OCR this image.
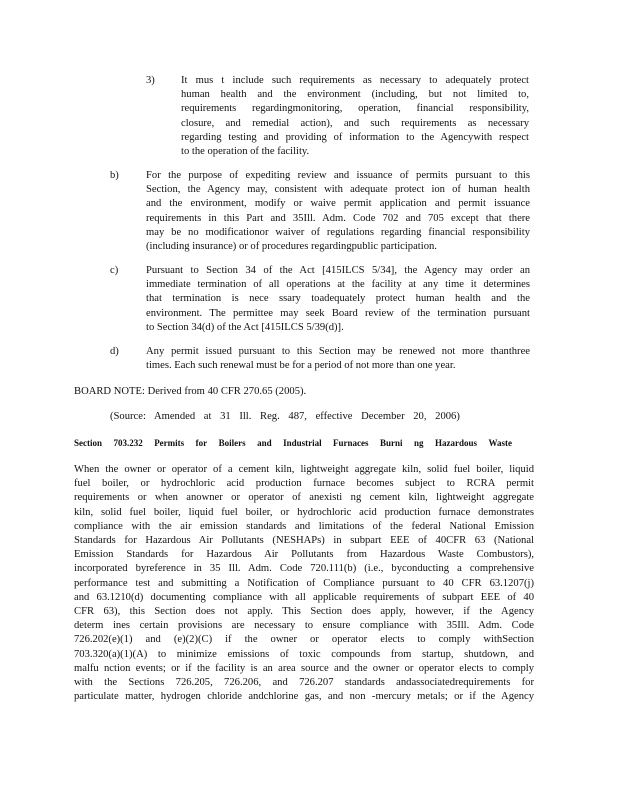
3) It mus t include such requirements as necessary to adequately protect
human health and the environment (including, but not limited to,
requirements regardingmonitoring, operation, financial responsibility,
closure, and remedial action), and such requirements as necessary
regarding testing and providing of information to the Agencywith respect
to the operation of the facility.
b)	For the purpose of expediting review and issuance of permits pursuant to this
Section, the Agency may, consistent with adequate protect ion of human health
and the environment, modify or waive permit application and permit issuance
requirements in this Part and 35Ill. Adm. Code 702 and 705 except that there
may be no modificationor waiver of regulations regarding financial responsibility
(including insurance) or of procedures regardingpublic participation.
c)	Pursuant to Section 34 of the Act [415ILCS 5/34], the Agency may order an
immediate termination of all operations at the facility at any time it determines
that termination is nece ssary toadequately protect human health and the
environment. The permittee may seek Board review of the termination pursuant
to Section 34(d) of the Act [415ILCS 5/39(d)].
d)	Any permit issued pursuant to this Section may be renewed not more thanthree
times. Each such renewal must be for a period of not more than one year.
BOARD NOTE: Derived from 40 CFR 270.65 (2005).
(Source: Amended at 31 Ill. Reg. 487, effective December 20, 2006)
Section 703.232 Permits for Boilers and Industrial Furnaces Burni ng Hazardous Waste
When the owner or operator of a cement kiln, lightweight aggregate kiln, solid fuel boiler, liquid
fuel boiler, or hydrochloric acid production furnace becomes subject to RCRA permit
requirements or when anowner or operator of anexisti ng cement kiln, lightweight aggregate
kiln, solid fuel boiler, liquid fuel boiler, or hydrochloric acid production furnace demonstrates
compliance with the air emission standards and limitations of the federal National Emission
Standards for Hazardous Air Pollutants (NESHAPs) in subpart EEE of 40CFR 63 (National
Emission Standards for Hazardous Air Pollutants from Hazardous Waste Combustors),
incorporated byreference in 35 Ill. Adm. Code 720.111(b) (i.e., byconducting a comprehensive
performance test and submitting a Notification of Compliance pursuant to 40 CFR 63.1207(j)
and 63.1210(d) documenting compliance with all applicable requirements of subpart EEE of 40
CFR 63), this Section does not apply. This Section does apply, however, if the Agency
determ ines certain provisions are necessary to ensure compliance with 35Ill. Adm. Code
726.202(e)(1) and (e)(2)(C) if the owner or operator elects to comply withSection
703.320(a)(1)(A) to minimize emissions of toxic compounds from startup, shutdown, and
malfu nction events; or if the facility is an area source and the owner or operator elects to comply
with the Sections 726.205, 726.206, and 726.207 standards andassociatedrequirements for
particulate matter, hydrogen chloride andchlorine gas, and non -mercury metals; or if the Agency
